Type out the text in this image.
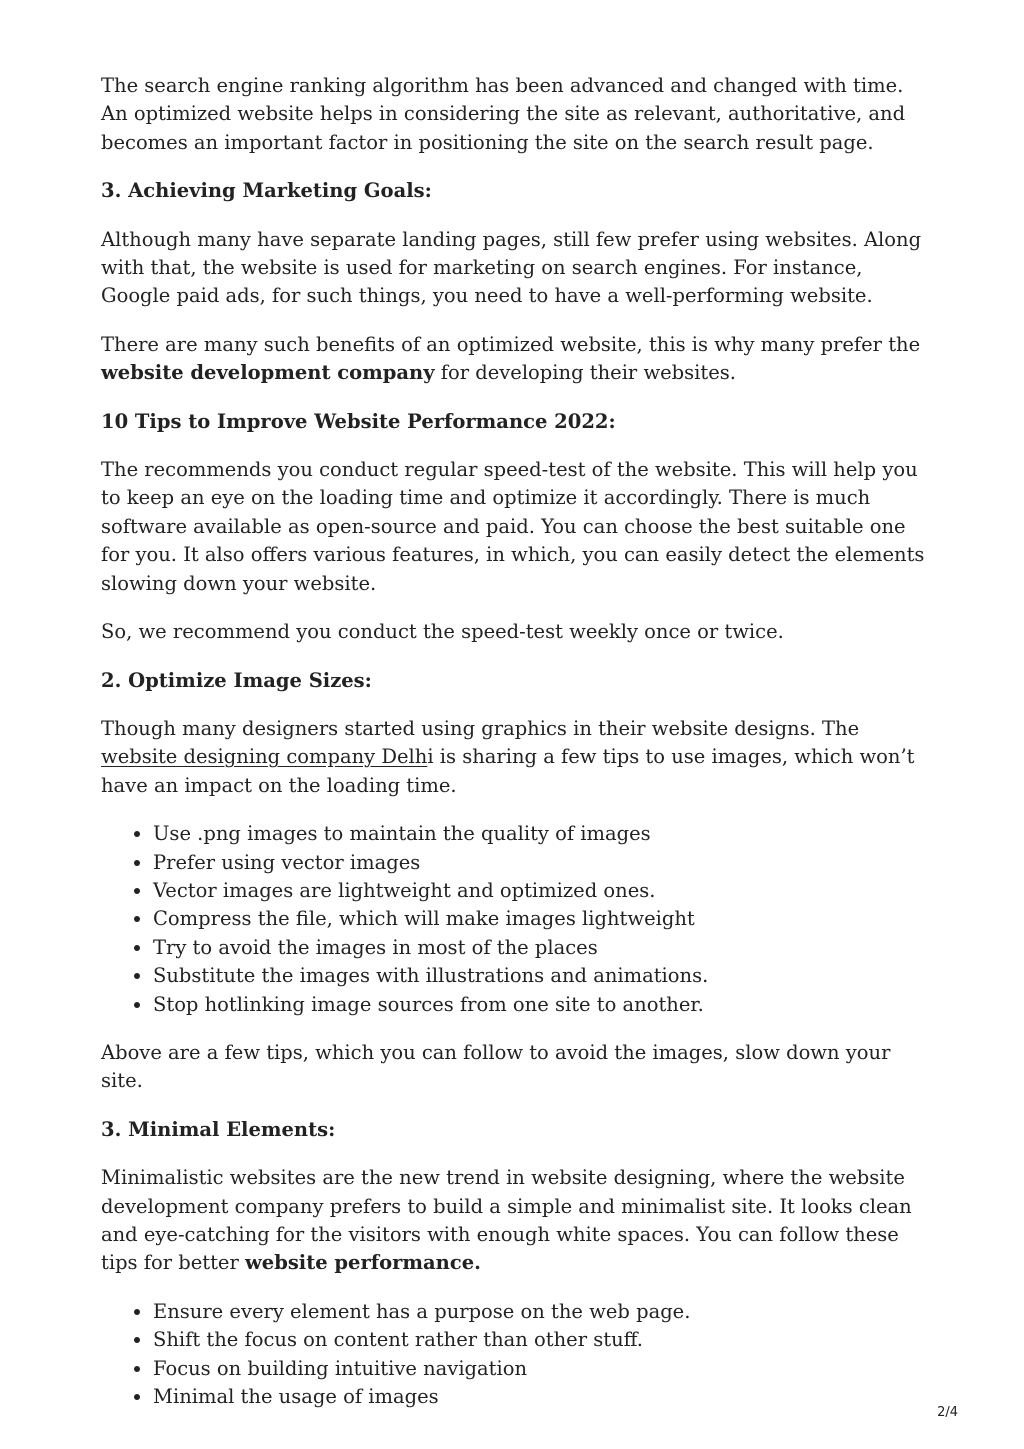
The search engine ranking algorithm has been advanced and changed with time. An optimized website helps in considering the site as relevant, authoritative, and becomes an important factor in positioning the site on the search result page.

3. Achieving Marketing Goals:

Although many have separate landing pages, still few prefer using websites. Along with that, the website is used for marketing on search engines. For instance, Google paid ads, for such things, you need to have a well-performing website.

There are many such benefits of an optimized website, this is why many prefer the website development company for developing their websites.

10 Tips to Improve Website Performance 2022:

The recommends you conduct regular speed-test of the website. This will help you to keep an eye on the loading time and optimize it accordingly. There is much software available as open-source and paid. You can choose the best suitable one for you. It also offers various features, in which, you can easily detect the elements slowing down your website.

So, we recommend you conduct the speed-test weekly once or twice.

2. Optimize Image Sizes:

Though many designers started using graphics in their website designs. The website designing company Delhi is sharing a few tips to use images, which won’t have an impact on the loading time.

• Use .png images to maintain the quality of images
• Prefer using vector images
• Vector images are lightweight and optimized ones.
• Compress the file, which will make images lightweight
• Try to avoid the images in most of the places
• Substitute the images with illustrations and animations.
• Stop hotlinking image sources from one site to another.

Above are a few tips, which you can follow to avoid the images, slow down your site.

3. Minimal Elements:

Minimalistic websites are the new trend in website designing, where the website development company prefers to build a simple and minimalist site. It looks clean and eye-catching for the visitors with enough white spaces. You can follow these tips for better website performance.

• Ensure every element has a purpose on the web page.
• Shift the focus on content rather than other stuff.
• Focus on building intuitive navigation
• Minimal the usage of images
2/4
